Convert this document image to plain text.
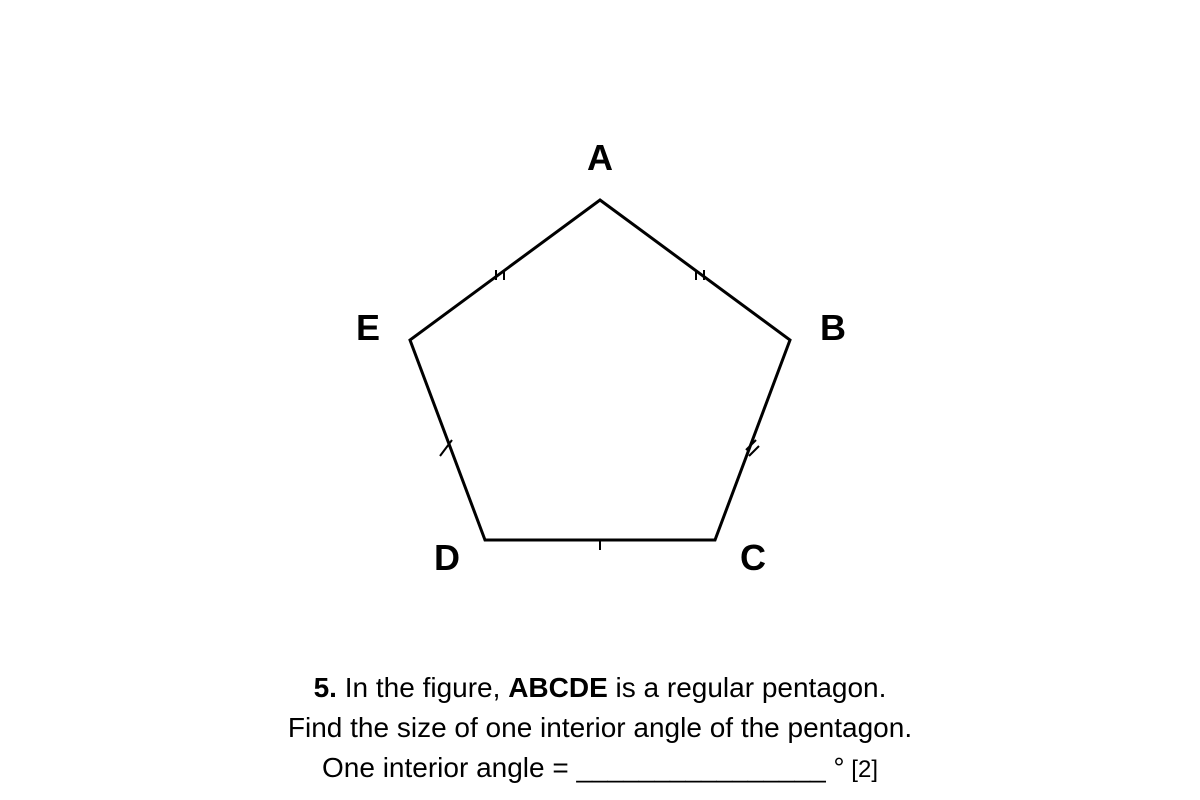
A
B
C
D
E
5. In the figure, ABCDE is a regular pentagon.
Find the size of one interior angle of the pentagon.
One interior angle = ________________ ° [2]
